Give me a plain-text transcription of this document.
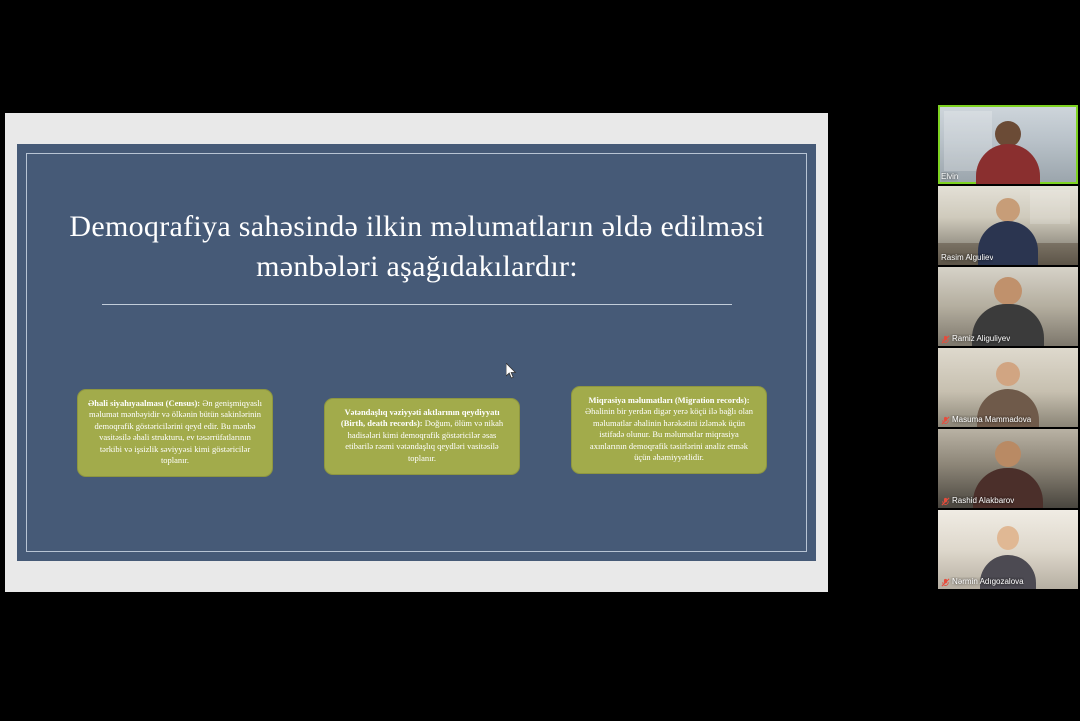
Demoqrafiya sahəsində ilkin məlumatların əldə edilməsi mənbələri aşağıdakılardır:
Əhali siyahıyaalması (Census): Ən genişmiqyaslı məlumat mənbəyidir və ölkənin bütün sakinlərinin demoqrafik göstəricilərini qeyd edir. Bu mənbə vasitəsilə əhali strukturu, ev təsərrüfatlarının tərkibi və işsizlik səviyyəsi kimi göstəricilər toplanır.
Vətəndaşlıq vəziyyəti aktlarının qeydiyyatı (Birth, death records): Doğum, ölüm və nikah hadisələri kimi demoqrafik göstəricilər əsas etibarilə rəsmi vətəndaşlıq qeydləri vasitəsilə toplanır.
Miqrasiya məlumatları (Migration records): Əhalinin bir yerdən digər yerə köçü ilə bağlı olan məlumatlar əhalinin hərəkətini izləmək üçün istifadə olunur. Bu məlumatlar miqrasiya axınlarının demoqrafik təsirlərini analiz etmək üçün əhəmiyyətlidir.
Elvin
Rasim Alguliev
Ramiz Aliguliyev
Masuma Mammadova
Rashid Alakbarov
Nərmin Adıgozalova
